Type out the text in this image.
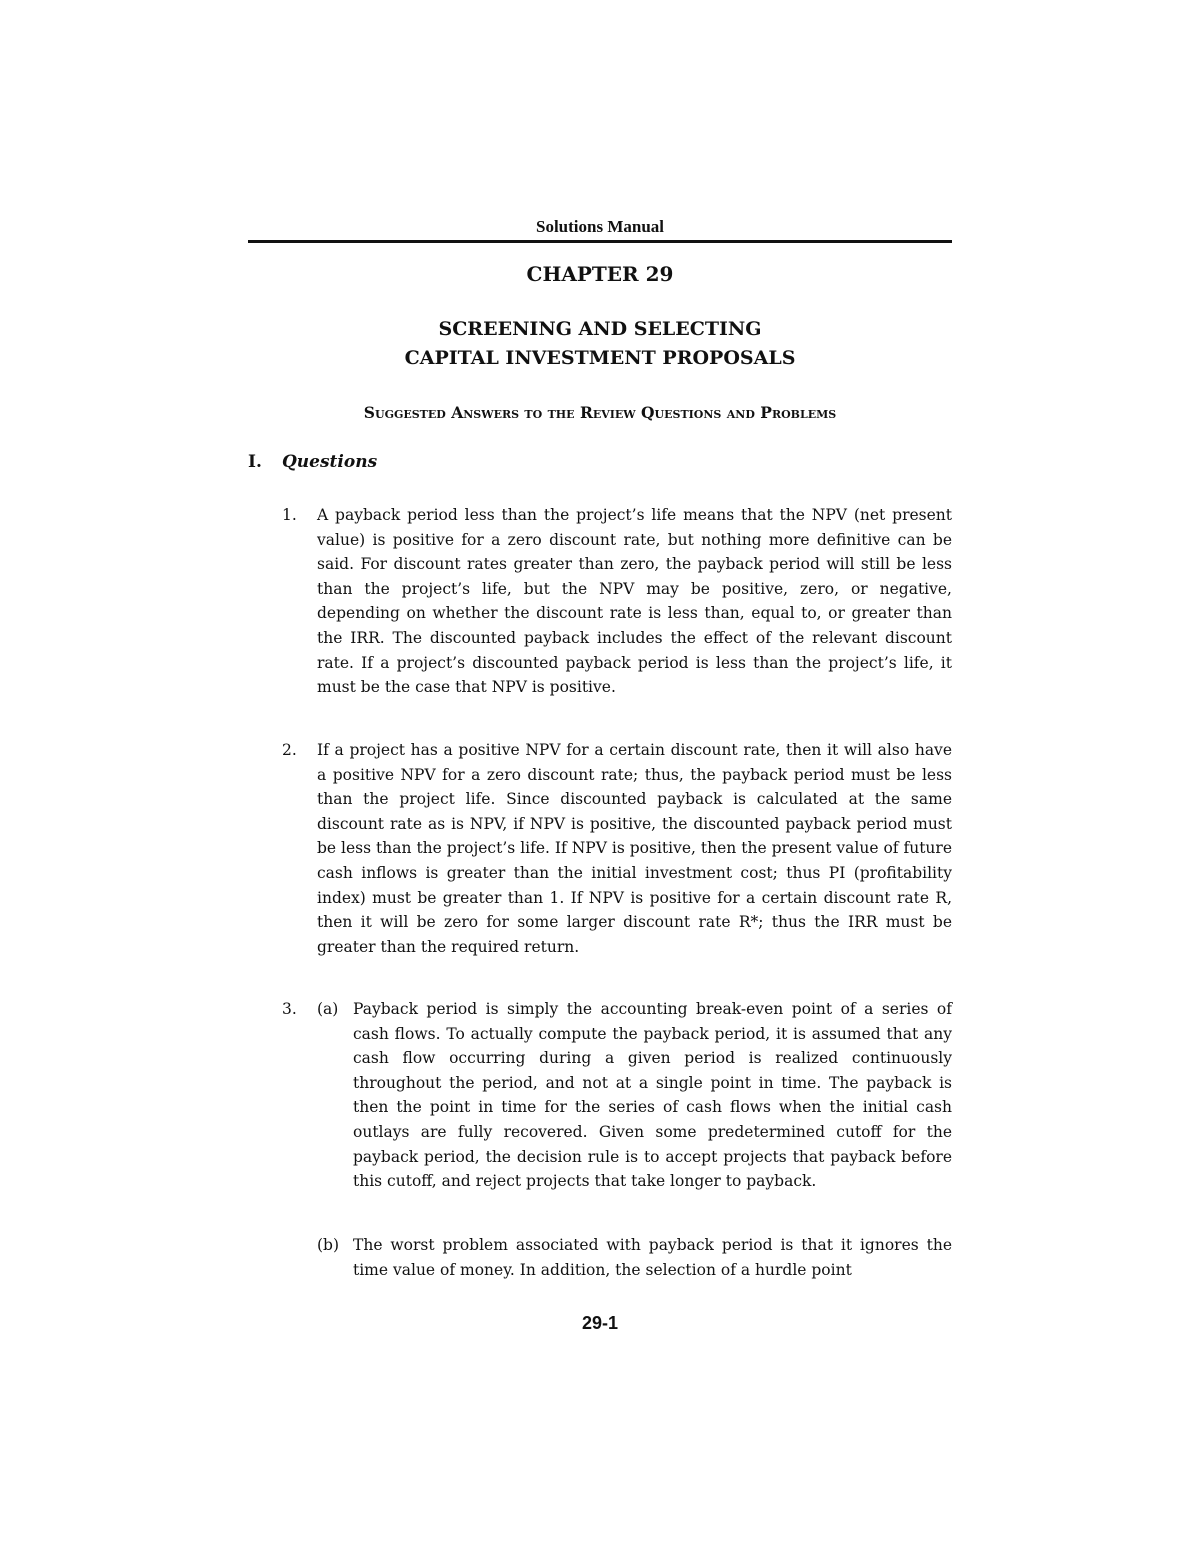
Solutions Manual
CHAPTER 29
SCREENING AND SELECTING
CAPITAL INVESTMENT PROPOSALS
Suggested Answers to the Review Questions and Problems
I. Questions
1. A payback period less than the project’s life means that the NPV (net present value) is positive for a zero discount rate, but nothing more definitive can be said. For discount rates greater than zero, the payback period will still be less than the project’s life, but the NPV may be positive, zero, or negative, depending on whether the discount rate is less than, equal to, or greater than the IRR. The discounted payback includes the effect of the relevant discount rate. If a project’s discounted payback period is less than the project’s life, it must be the case that NPV is positive.
2. If a project has a positive NPV for a certain discount rate, then it will also have a positive NPV for a zero discount rate; thus, the payback period must be less than the project life. Since discounted payback is calculated at the same discount rate as is NPV, if NPV is positive, the discounted payback period must be less than the project’s life. If NPV is positive, then the present value of future cash inflows is greater than the initial investment cost; thus PI (profitability index) must be greater than 1. If NPV is positive for a certain discount rate R, then it will be zero for some larger discount rate R*; thus the IRR must be greater than the required return.
3. (a) Payback period is simply the accounting break-even point of a series of cash flows. To actually compute the payback period, it is assumed that any cash flow occurring during a given period is realized continuously throughout the period, and not at a single point in time. The payback is then the point in time for the series of cash flows when the initial cash outlays are fully recovered. Given some predetermined cutoff for the payback period, the decision rule is to accept projects that payback before this cutoff, and reject projects that take longer to payback.
(b) The worst problem associated with payback period is that it ignores the time value of money. In addition, the selection of a hurdle point
29-1
